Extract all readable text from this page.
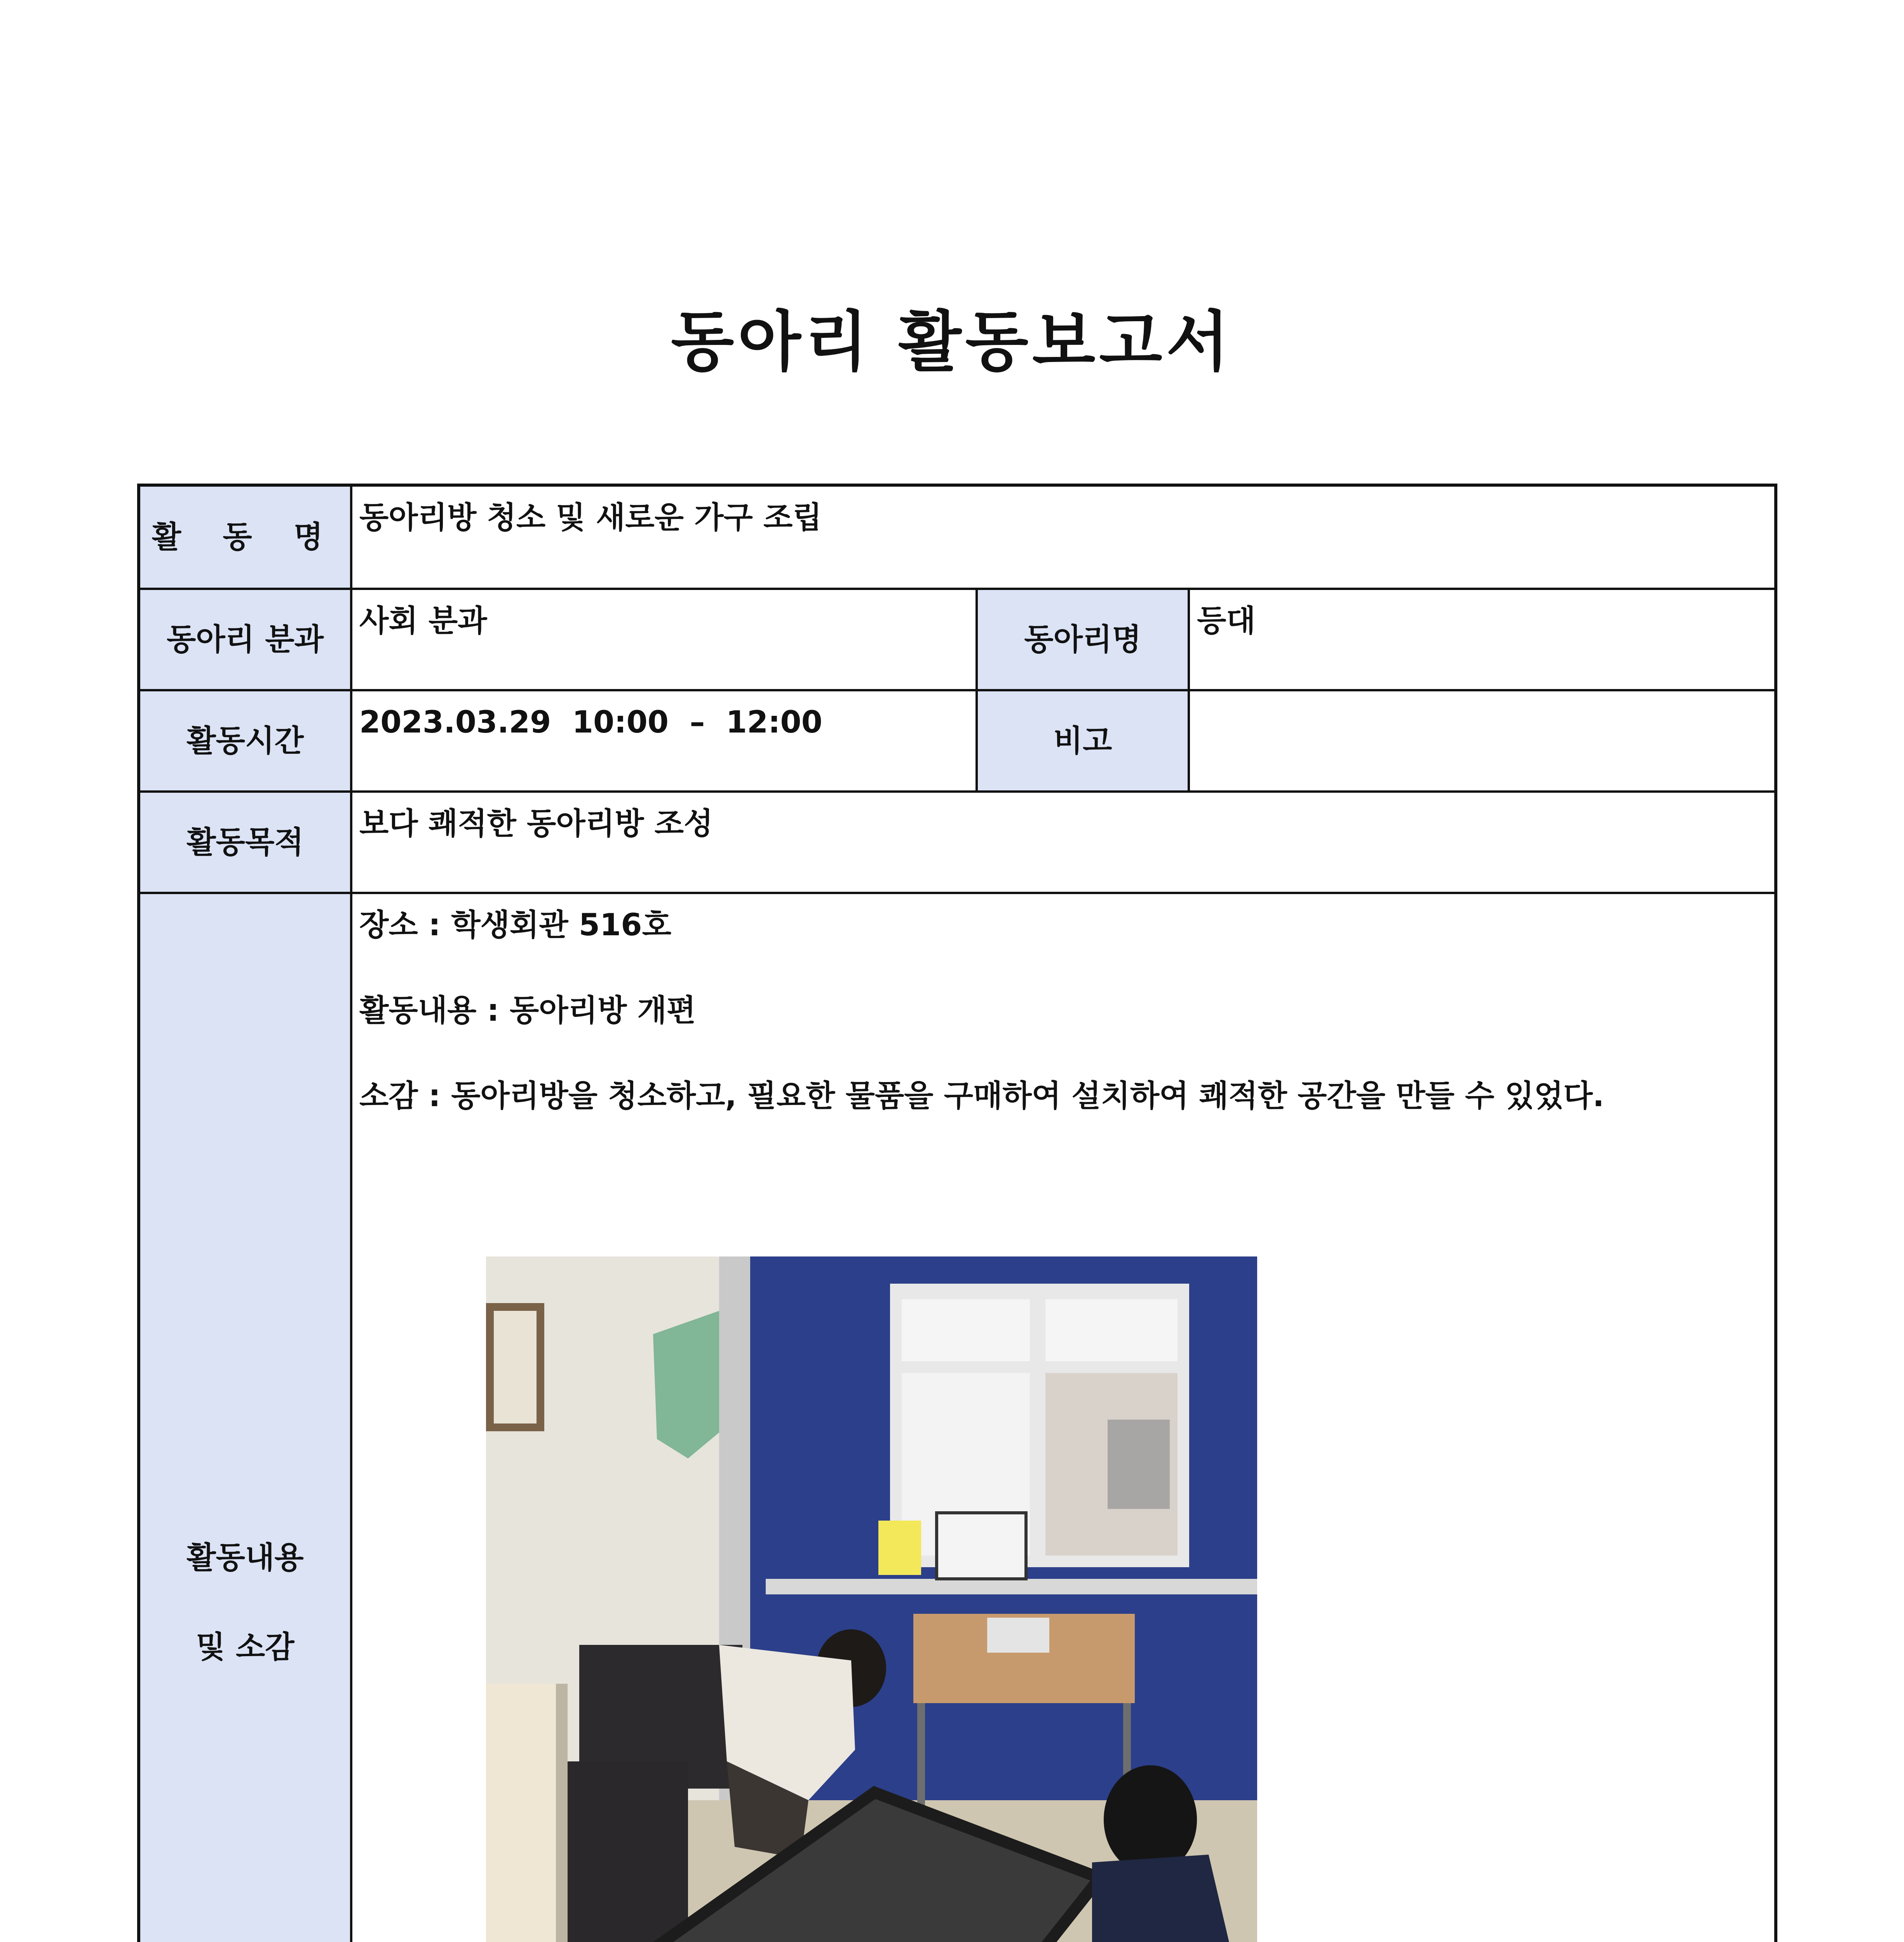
동아리 활동보고서
활 동 명
동아리방 청소 및 새로운 가구 조립
동아리 분과
사회 분과
동아리명
등대
활동시간
2023.03.29  10:00  –  12:00
비고
활동목적
보다 쾌적한 동아리방 조성
활동내용
및 소감
장소 : 학생회관 516호
활동내용 : 동아리방 개편
소감 : 동아리방을 청소하고, 필요한 물품을 구매하여 설치하여 쾌적한 공간을 만들 수 있었다.
